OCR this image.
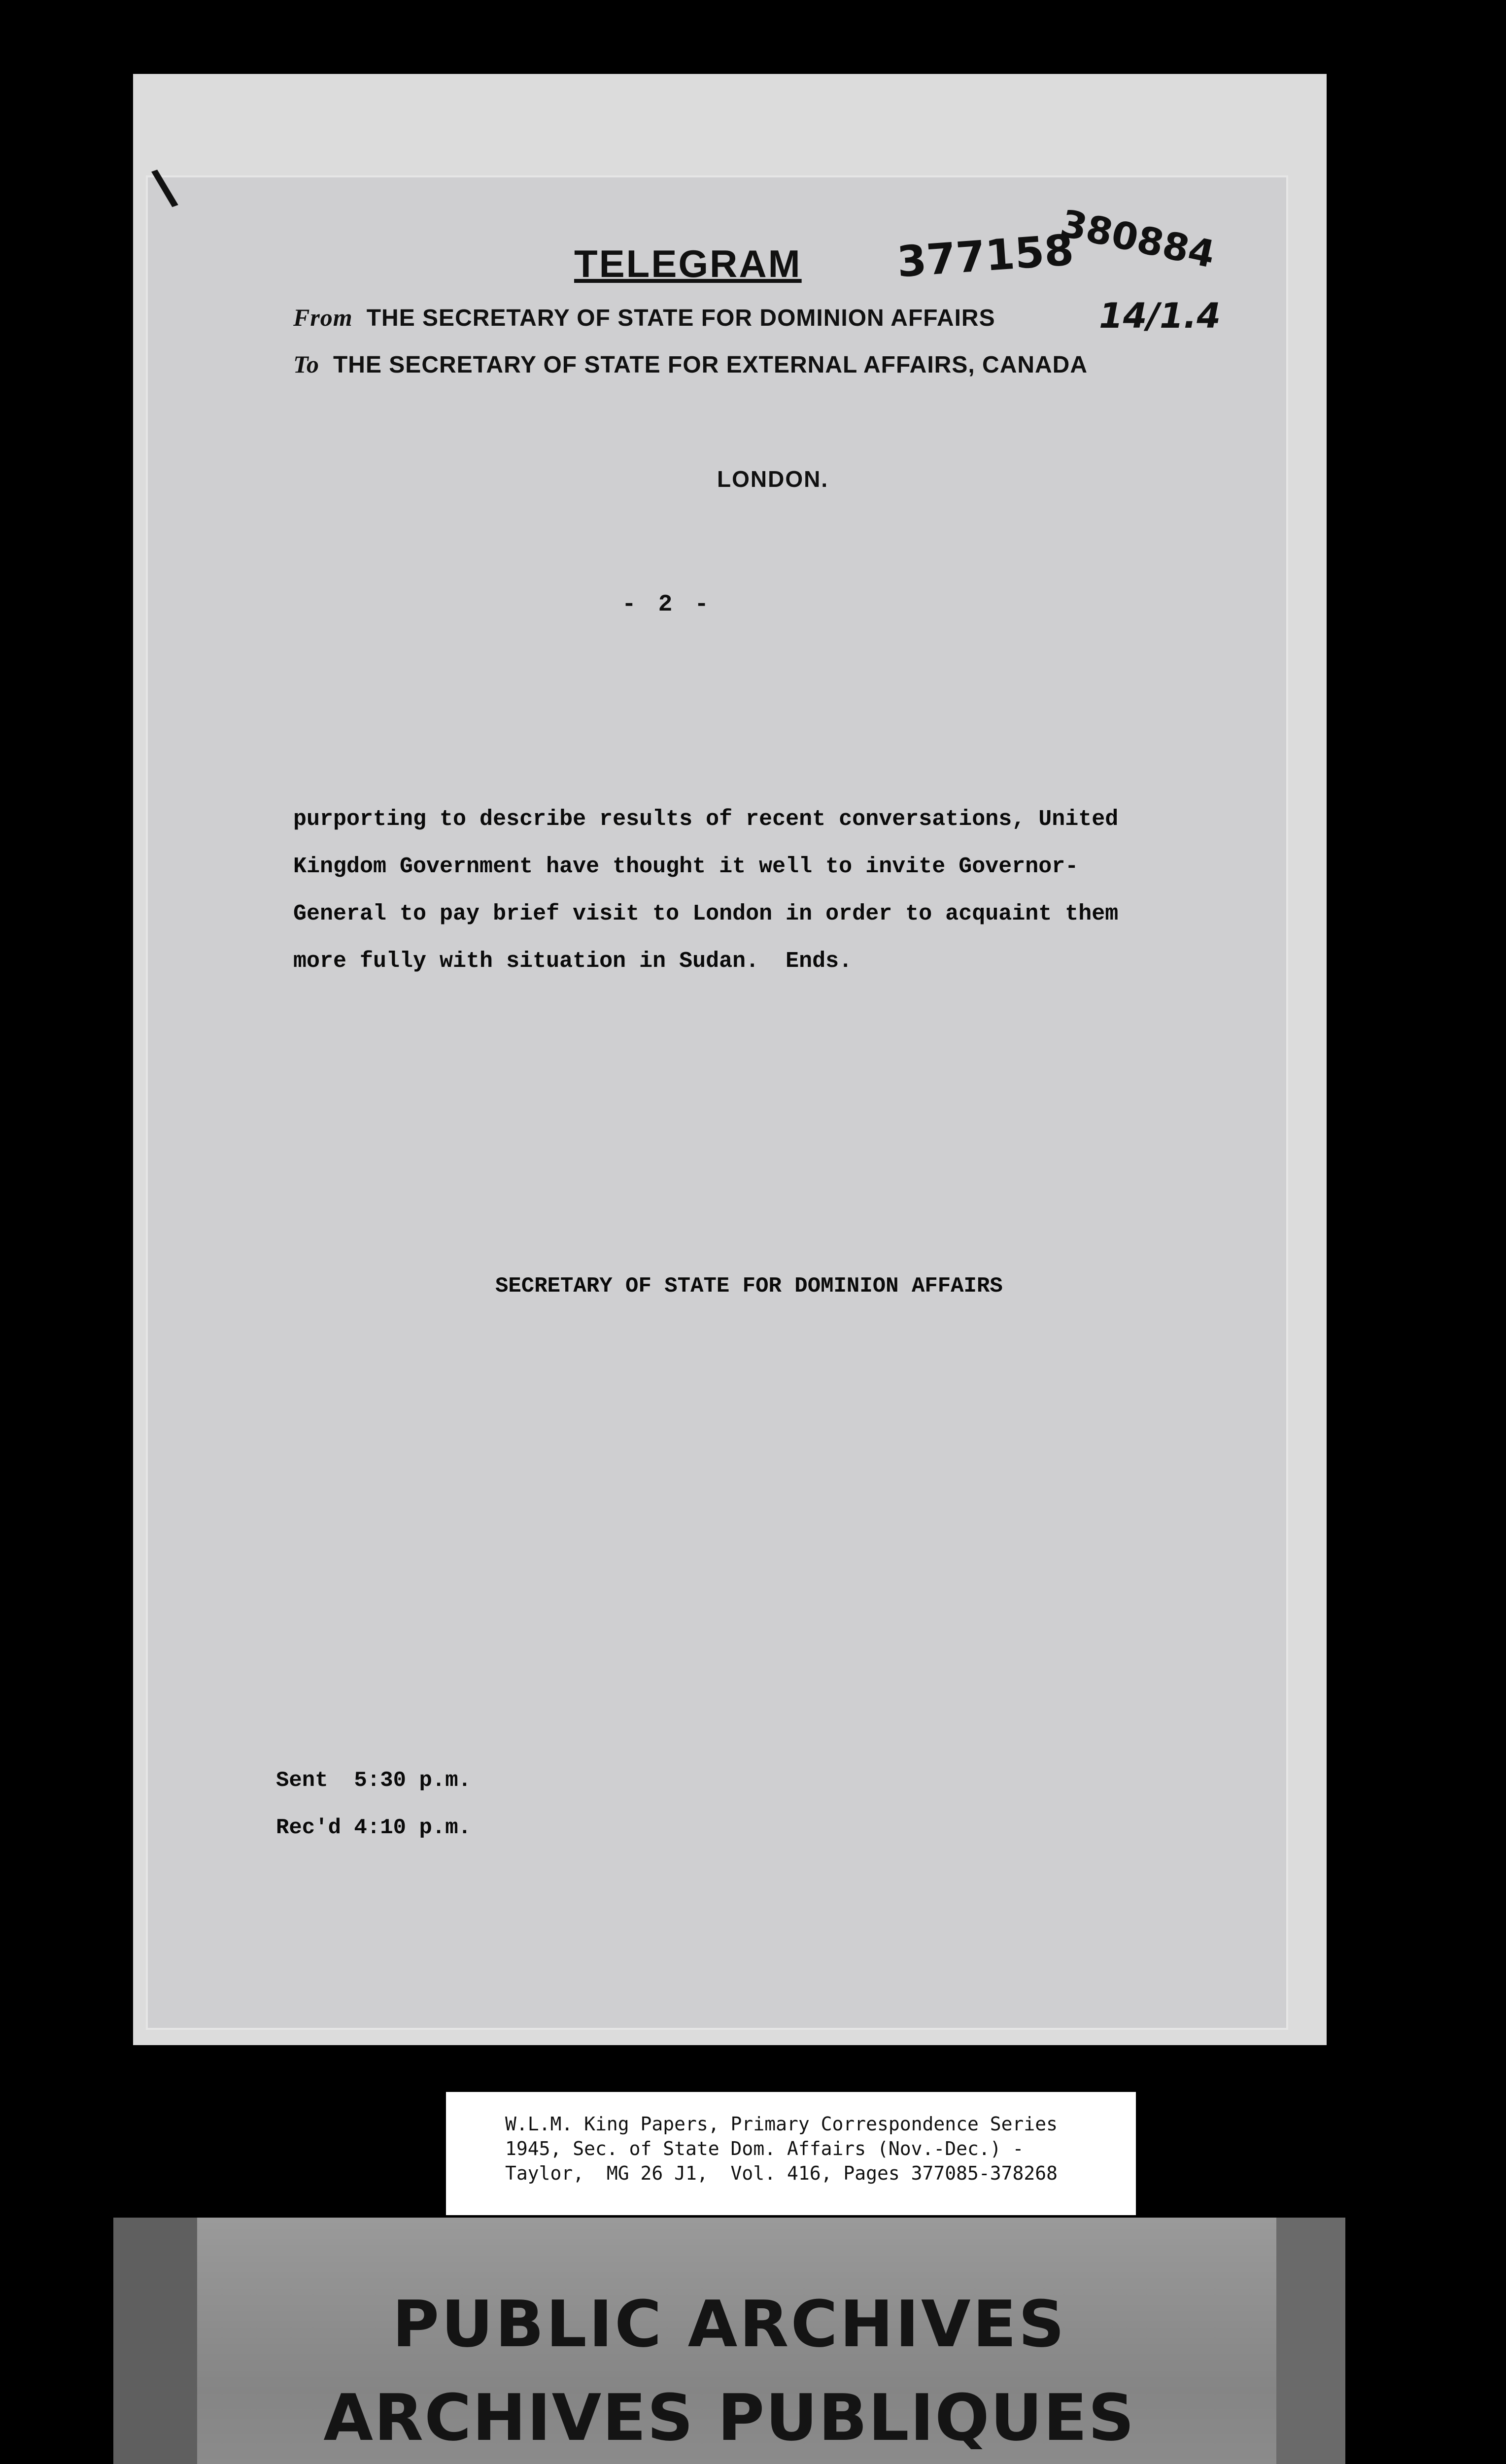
\
TELEGRAM 377158
380884
14/1.4
From THE SECRETARY OF STATE FOR DOMINION AFFAIRS
To THE SECRETARY OF STATE FOR EXTERNAL AFFAIRS, CANADA
LONDON.
- 2 -
purporting to describe results of recent conversations, United
Kingdom Government have thought it well to invite Governor-
General to pay brief visit to London in order to acquaint them
more fully with situation in Sudan.  Ends.
SECRETARY OF STATE FOR DOMINION AFFAIRS
Sent  5:30 p.m.
Rec'd 4:10 p.m.
W.L.M. King Papers, Primary Correspondence Series
1945, Sec. of State Dom. Affairs (Nov.-Dec.) -
Taylor,  MG 26 J1,  Vol. 416, Pages 377085-378268
PUBLIC ARCHIVES
ARCHIVES PUBLIQUES
